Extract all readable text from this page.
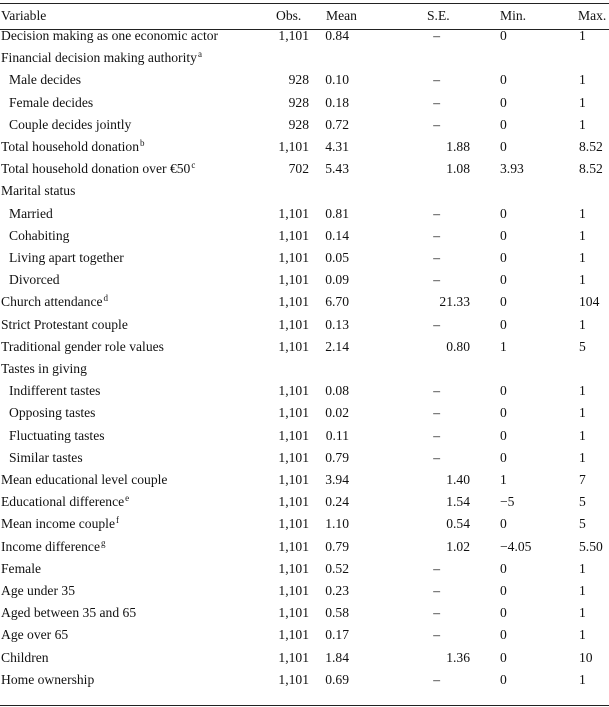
Variable	Obs. Mean	S.E.	Min.	Max.
Decision making as one economic actor	1,101 0.84	–	0	1
Financial decision making authority$^a$
Male decides	928 0.10	–	0	1
Female decides	928 0.18	–	0	1
Couple decides jointly	928 0.72	–	0	1
Total household donation$^b$	1,101 4.31	1.88 0	8.52
Total household donation over €50$^c$	702 5.43	1.08 3.93	8.52
Marital status
Married	1,101 0.81	–	0	1
Cohabiting	1,101 0.14	–	0	1
Living apart together	1,101 0.05	–	0	1
Divorced	1,101 0.09	–	0	1
Church attendance$^d$	1,101 6.70	21.33 0	104
Strict Protestant couple	1,101 0.13	–	0	1
Traditional gender role values	1,101 2.14	0.80 1	5
Tastes in giving
Indifferent tastes	1,101 0.08	–	0	1
Opposing tastes	1,101 0.02	–	0	1
Fluctuating tastes	1,101 0.11	–	0	1
Similar tastes	1,101 0.79	–	0	1
Mean educational level couple	1,101 3.94	1.40 1	7
Educational difference$^e$	1,101 0.24	1.54 −5	5
Mean income couple$^f$	1,101 1.10	0.54 0	5
Income difference$^g$	1,101 0.79	1.02 −4.05	5.50
Female	1,101 0.52	–	0	1
Age under 35	1,101 0.23	–	0	1
Aged between 35 and 65	1,101 0.58	–	0	1
Age over 65	1,101 0.17	–	0	1
Children	1,101 1.84	1.36 0	10
Home ownership	1,101 0.69	–	0	1
